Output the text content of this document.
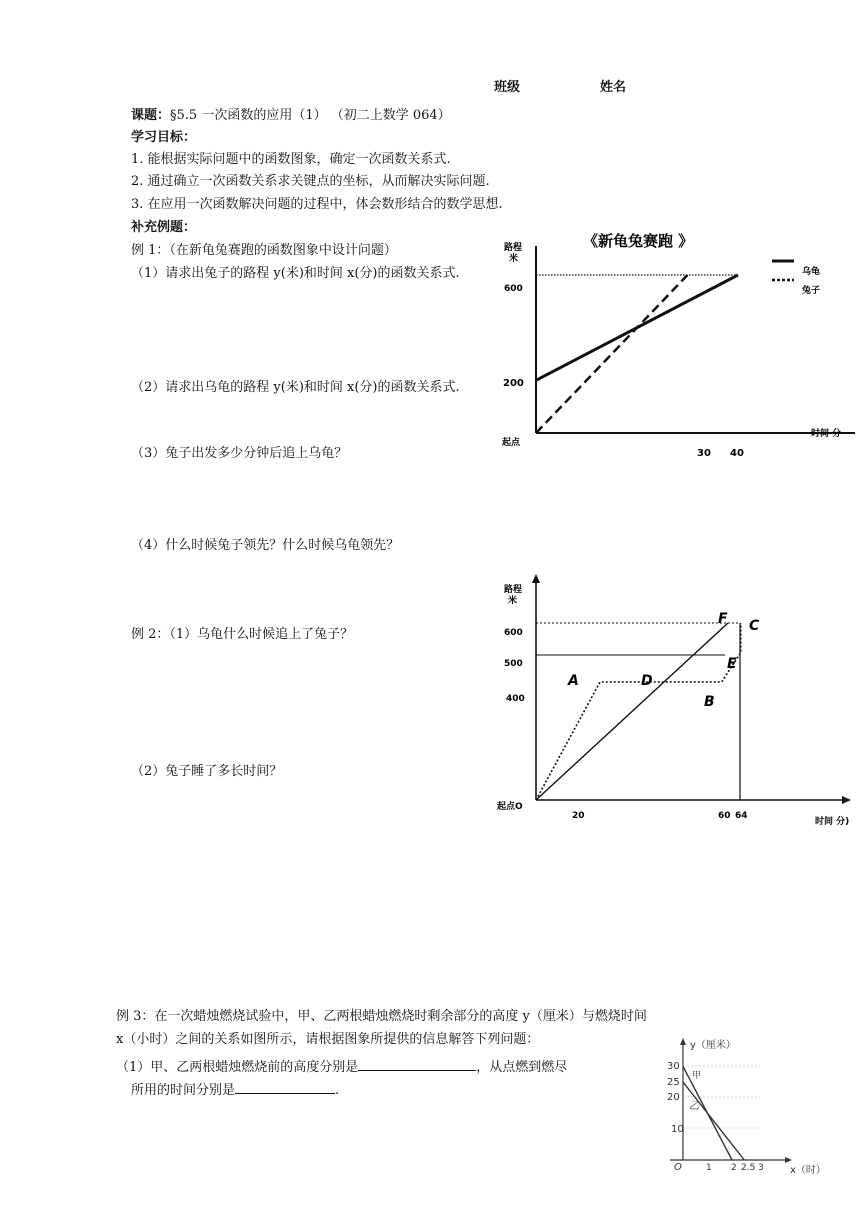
班级	姓名
课题：§5.5 一次函数的应用（1） （初二上数学 064）
学习目标：
1. 能根据实际问题中的函数图象，确定一次函数关系式.
2. 通过确立一次函数关系求关键点的坐标，从而解决实际问题.
3. 在应用一次函数解决问题的过程中，体会数形结合的数学思想.
补充例题：
例 1：（在新龟兔赛跑的函数图象中设计问题）
（1）请求出兔子的路程 y(米)和时间 x(分)的函数关系式.
（2）请求出乌龟的路程 y(米)和时间 x(分)的函数关系式.
（3）兔子出发多少分钟后追上乌龟？
（4）什么时候兔子领先？什么时候乌龟领先？
例 2：（1）乌龟什么时候追上了兔子？
（2）兔子睡了多长时间？
例 3：在一次蜡烛燃烧试验中，甲、乙两根蜡烛燃烧时剩余部分的高度 y（厘米）与燃烧时间
x（小时）之间的关系如图所示，请根据图象所提供的信息解答下列问题：
（1）甲、乙两根蜡烛燃烧前的高度分别是	，从点燃到燃尽
所用的时间分别是	.
《新龟兔赛跑 》
路程
米
600
200
起点
30 40
时间 分
乌龟
兔子
路程
米
600
500
400
起点O
20	60 64
时间 分)
A
B
C
D
E
F
y（厘米）
30
25
20
10
O	1 2 2.5 3	x（时）
甲
乙
